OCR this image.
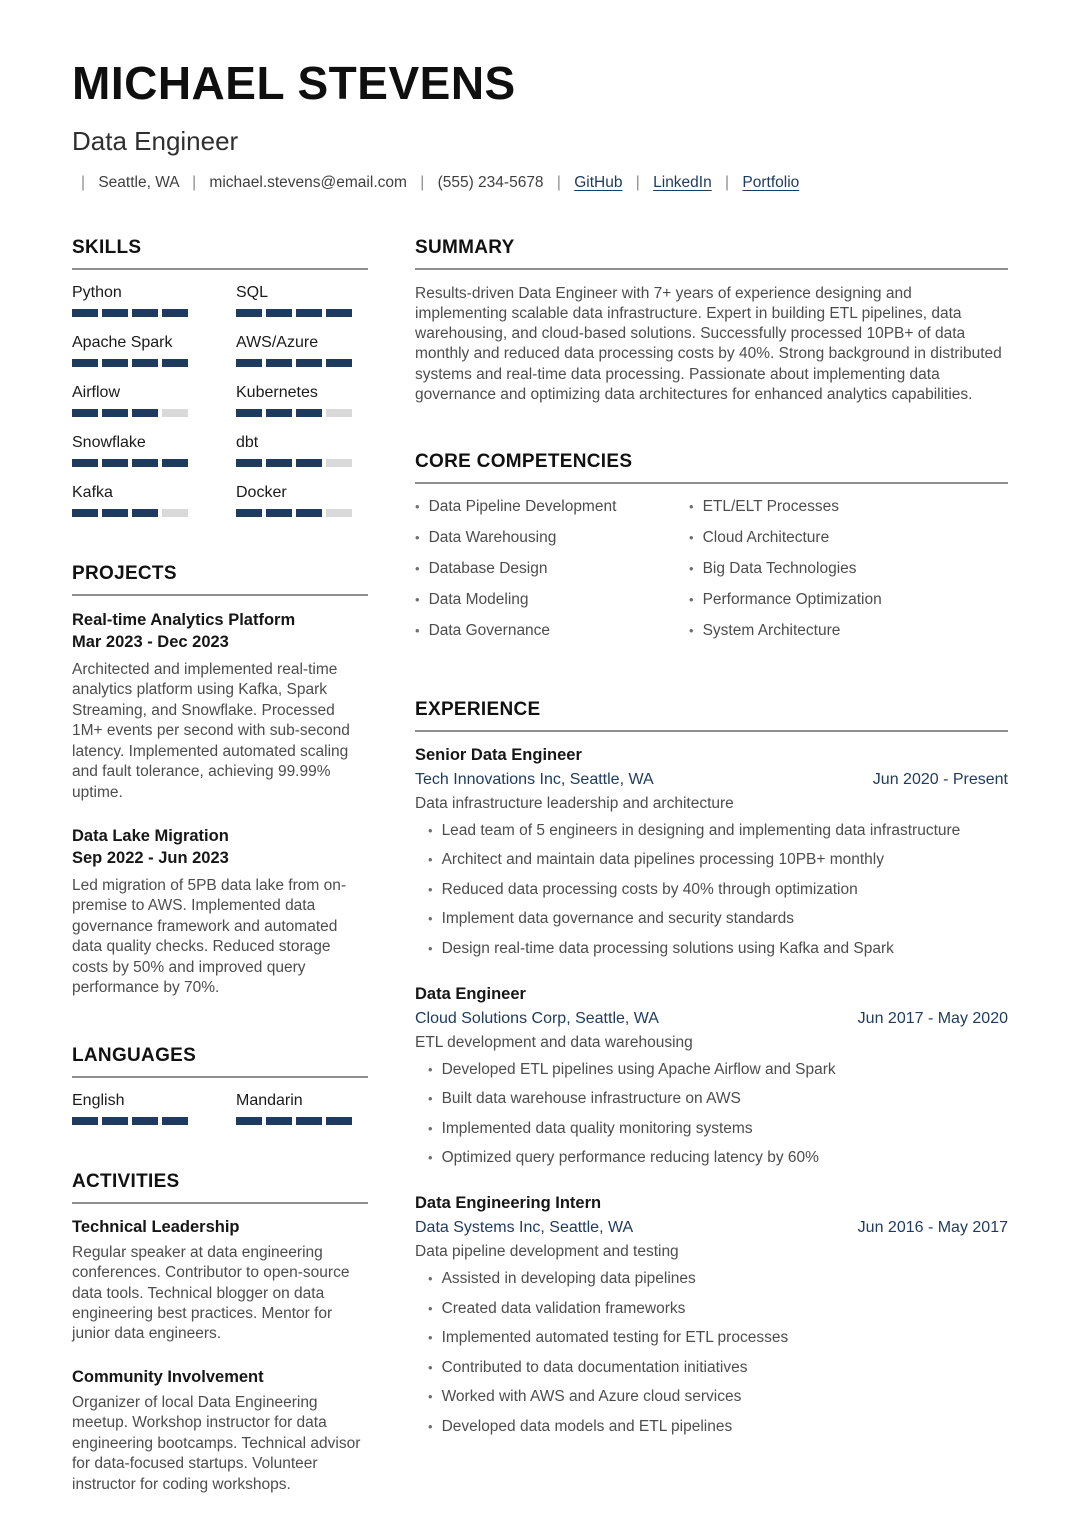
MICHAEL STEVENS
Data Engineer
| Seattle, WA | michael.stevens@email.com | (555) 234-5678 | GitHub | LinkedIn | Portfolio
SKILLS
Python	SQL
Apache Spark	AWS/Azure
Airflow	Kubernetes
Snowflake	dbt
Kafka	Docker
PROJECTS
Real-time Analytics Platform
Mar 2023 - Dec 2023

Architected and implemented real-time analytics platform using Kafka, Spark Streaming, and Snowflake. Processed 1M+ events per second with sub-second latency. Implemented automated scaling and fault tolerance, achieving 99.99% uptime.

Data Lake Migration
Sep 2022 - Jun 2023

Led migration of 5PB data lake from on-premise to AWS. Implemented data governance framework and automated data quality checks. Reduced storage costs by 50% and improved query performance by 70%.

LANGUAGES
English	Mandarin
ACTIVITIES
Technical Leadership

Regular speaker at data engineering conferences. Contributor to open-source data tools. Technical blogger on data engineering best practices. Mentor for junior data engineers.

Community Involvement

Organizer of local Data Engineering meetup. Workshop instructor for data engineering bootcamps. Technical advisor for data-focused startups. Volunteer instructor for coding workshops.

SUMMARY

Results-driven Data Engineer with 7+ years of experience designing and implementing scalable data infrastructure. Expert in building ETL pipelines, data warehousing, and cloud-based solutions. Successfully processed 10PB+ of data monthly and reduced data processing costs by 40%. Strong background in distributed systems and real-time data processing. Passionate about implementing data governance and optimizing data architectures for enhanced analytics capabilities.

CORE COMPETENCIES
• Data Pipeline Development
• Data Warehousing
• Database Design
• Data Modeling
• Data Governance
• ETL/ELT Processes
• Cloud Architecture
• Big Data Technologies
• Performance Optimization
• System Architecture
EXPERIENCE
Senior Data Engineer
Tech Innovations Inc, Seattle, WA	Jun 2020 - Present
Data infrastructure leadership and architecture
• Lead team of 5 engineers in designing and implementing data infrastructure
• Architect and maintain data pipelines processing 10PB+ monthly
• Reduced data processing costs by 40% through optimization
• Implement data governance and security standards
• Design real-time data processing solutions using Kafka and Spark
Data Engineer
Cloud Solutions Corp, Seattle, WA	Jun 2017 - May 2020
ETL development and data warehousing
• Developed ETL pipelines using Apache Airflow and Spark
• Built data warehouse infrastructure on AWS
• Implemented data quality monitoring systems
• Optimized query performance reducing latency by 60%
Data Engineering Intern
Data Systems Inc, Seattle, WA	Jun 2016 - May 2017
Data pipeline development and testing
• Assisted in developing data pipelines
• Created data validation frameworks
• Implemented automated testing for ETL processes
• Contributed to data documentation initiatives
• Worked with AWS and Azure cloud services
• Developed data models and ETL pipelines
